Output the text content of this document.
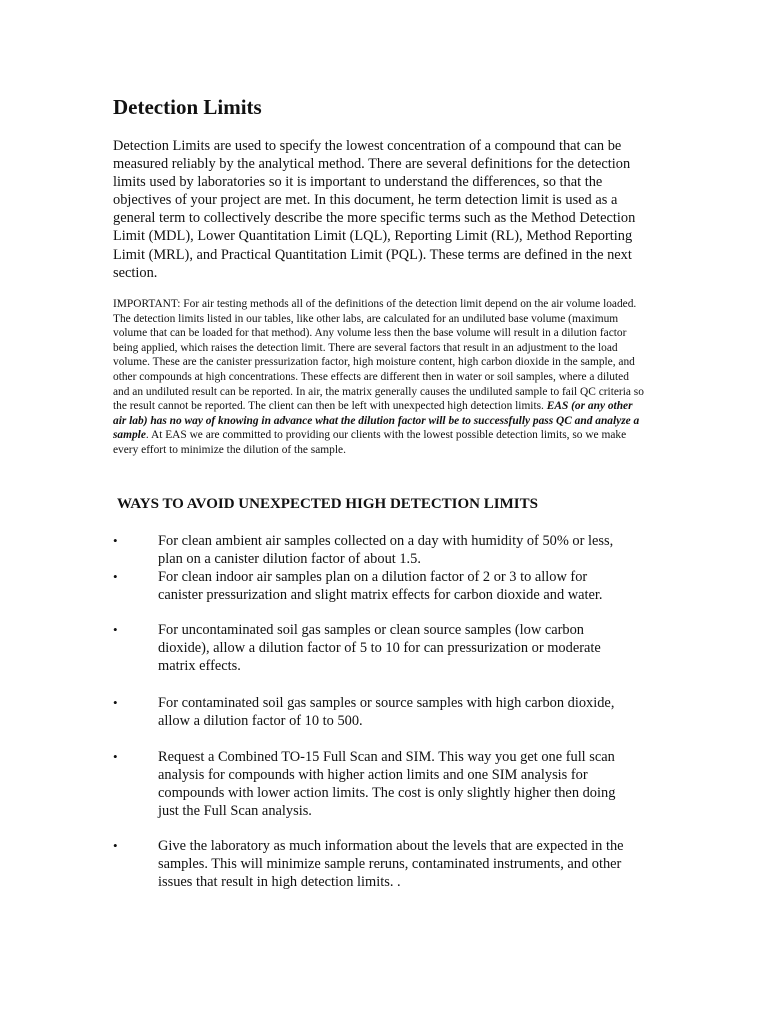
Detection Limits

Detection Limits are used to specify the lowest concentration of a compound that can be measured reliably by the analytical method. There are several definitions for the detection limits used by laboratories so it is important to understand the differences, so that the objectives of your project are met. In this document, he term detection limit is used as a general term to collectively describe the more specific terms such as the Method Detection Limit (MDL), Lower Quantitation Limit (LQL), Reporting Limit (RL), Method Reporting Limit (MRL), and Practical Quantitation Limit (PQL). These terms are defined in the next section.

IMPORTANT: For air testing methods all of the definitions of the detection limit depend on the air volume loaded. The detection limits listed in our tables, like other labs, are calculated for an undiluted base volume (maximum volume that can be loaded for that method). Any volume less then the base volume will result in a dilution factor being applied, which raises the detection limit. There are several factors that result in an adjustment to the load volume. These are the canister pressurization factor, high moisture content, high carbon dioxide in the sample, and other compounds at high concentrations. These effects are different then in water or soil samples, where a diluted and an undiluted result can be reported. In air, the matrix generally causes the undiluted sample to fail QC criteria so the result cannot be reported. The client can then be left with unexpected high detection limits. EAS (or any other air lab) has no way of knowing in advance what the dilution factor will be to successfully pass QC and analyze a sample. At EAS we are committed to providing our clients with the lowest possible detection limits, so we make every effort to minimize the dilution of the sample.

WAYS TO AVOID UNEXPECTED HIGH DETECTION LIMITS
•	For clean ambient air samples collected on a day with humidity of 50% or less, plan on a canister dilution factor of about 1.5.
•	For clean indoor air samples plan on a dilution factor of 2 or 3 to allow for canister pressurization and slight matrix effects for carbon dioxide and water.
•	For uncontaminated soil gas samples or clean source samples (low carbon dioxide), allow a dilution factor of 5 to 10 for can pressurization or moderate matrix effects.
•	For contaminated soil gas samples or source samples with high carbon dioxide, allow a dilution factor of 10 to 500.
•	Request a Combined TO-15 Full Scan and SIM. This way you get one full scan analysis for compounds with higher action limits and one SIM analysis for compounds with lower action limits. The cost is only slightly higher then doing just the Full Scan analysis.
•	Give the laboratory as much information about the levels that are expected in the samples. This will minimize sample reruns, contaminated instruments, and other issues that result in high detection limits. .
